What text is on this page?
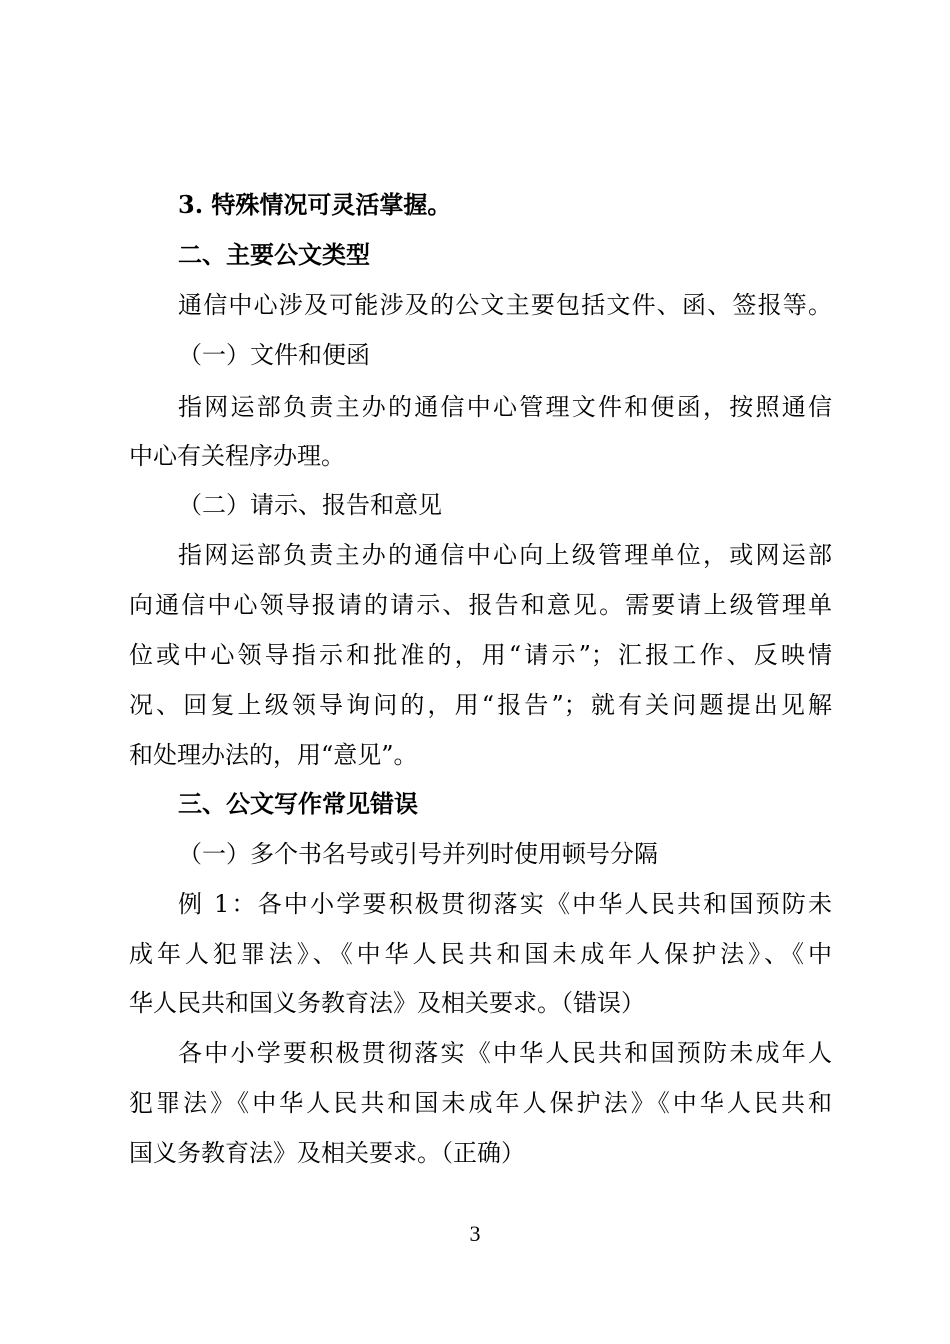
3. 特殊情况可灵活掌握。
二、主要公文类型
通信中心涉及可能涉及的公文主要包括文件、函、签报等。
（一）文件和便函
指网运部负责主办的通信中心管理文件和便函，按照通信
中心有关程序办理。
（二）请示、报告和意见
指网运部负责主办的通信中心向上级管理单位，或网运部
向通信中心领导报请的请示、报告和意见。需要请上级管理单
位或中心领导指示和批准的，用“请示”；汇报工作、反映情
况、回复上级领导询问的，用“报告”；就有关问题提出见解
和处理办法的，用“意见”。
三、公文写作常见错误
（一）多个书名号或引号并列时使用顿号分隔
例 1：各中小学要积极贯彻落实《中华人民共和国预防未
成年人犯罪法》、《中华人民共和国未成年人保护法》、《中
华人民共和国义务教育法》及相关要求。（错误）
各中小学要积极贯彻落实《中华人民共和国预防未成年人
犯罪法》《中华人民共和国未成年人保护法》《中华人民共和
国义务教育法》及相关要求。（正确）
3
